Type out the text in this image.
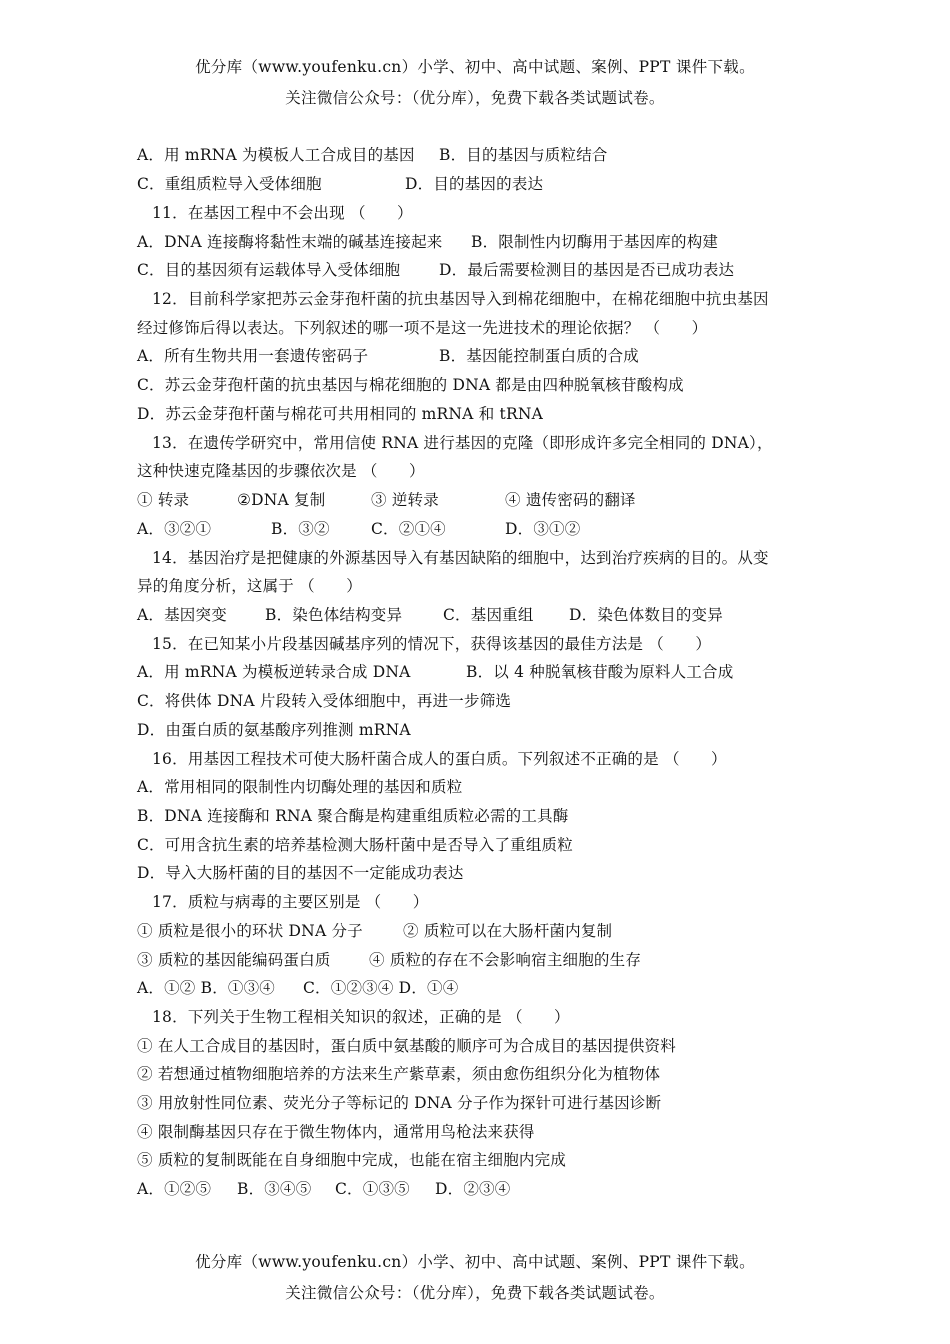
优分库（www.youfenku.cn）小学、初中、高中试题、案例、PPT 课件下载。
关注微信公众号：（优分库），免费下载各类试题试卷。
A．用 mRNA 为模板人工合成目的基因 B．目的基因与质粒结合
C．重组质粒导入受体细胞	D．目的基因的表达
11．在基因工程中不会出现 （　　）
A．DNA 连接酶将黏性末端的碱基连接起来 B．限制性内切酶用于基因库的构建
C．目的基因须有运载体导入受体细胞 D．最后需要检测目的基因是否已成功表达
12．目前科学家把苏云金芽孢杆菌的抗虫基因导入到棉花细胞中，在棉花细胞中抗虫基因
经过修饰后得以表达。下列叙述的哪一项不是这一先进技术的理论依据？ （　　）
A．所有生物共用一套遗传密码子	B．基因能控制蛋白质的合成
C．苏云金芽孢杆菌的抗虫基因与棉花细胞的 DNA 都是由四种脱氧核苷酸构成
D．苏云金芽孢杆菌与棉花可共用相同的 mRNA 和 tRNA
13．在遗传学研究中，常用信使 RNA 进行基因的克隆（即形成许多完全相同的 DNA），
这种快速克隆基因的步骤依次是 （　　）
① 转录	②DNA 复制	③ 逆转录	④ 遗传密码的翻译
A．③②①	B．③②	C．②①④	D．③①②
14．基因治疗是把健康的外源基因导入有基因缺陷的细胞中，达到治疗疾病的目的。从变
异的角度分析，这属于 （　　）
A．基因突变 B．染色体结构变异	C．基因重组 D．染色体数目的变异
15．在已知某小片段基因碱基序列的情况下，获得该基因的最佳方法是 （　　）
A．用 mRNA 为模板逆转录合成 DNA	B．以 4 种脱氧核苷酸为原料人工合成
C．将供体 DNA 片段转入受体细胞中，再进一步筛选
D．由蛋白质的氨基酸序列推测 mRNA
16．用基因工程技术可使大肠杆菌合成人的蛋白质。下列叙述不正确的是 （　　）
A．常用相同的限制性内切酶处理的基因和质粒
B．DNA 连接酶和 RNA 聚合酶是构建重组质粒必需的工具酶
C．可用含抗生素的培养基检测大肠杆菌中是否导入了重组质粒
D．导入大肠杆菌的目的基因不一定能成功表达
17．质粒与病毒的主要区别是 （　　）
① 质粒是很小的环状 DNA 分子	② 质粒可以在大肠杆菌内复制
③ 质粒的基因能编码蛋白质 ④ 质粒的存在不会影响宿主细胞的生存
A．①② B．①③④ C．①②③④ D．①④
18．下列关于生物工程相关知识的叙述，正确的是 （　　）
① 在人工合成目的基因时，蛋白质中氨基酸的顺序可为合成目的基因提供资料
② 若想通过植物细胞培养的方法来生产紫草素，须由愈伤组织分化为植物体
③ 用放射性同位素、荧光分子等标记的 DNA 分子作为探针可进行基因诊断
④ 限制酶基因只存在于微生物体内，通常用鸟枪法来获得
⑤ 质粒的复制既能在自身细胞中完成，也能在宿主细胞内完成
A．①②⑤ B．③④⑤ C．①③⑤ D．②③④
优分库（www.youfenku.cn）小学、初中、高中试题、案例、PPT 课件下载。
关注微信公众号：（优分库），免费下载各类试题试卷。
